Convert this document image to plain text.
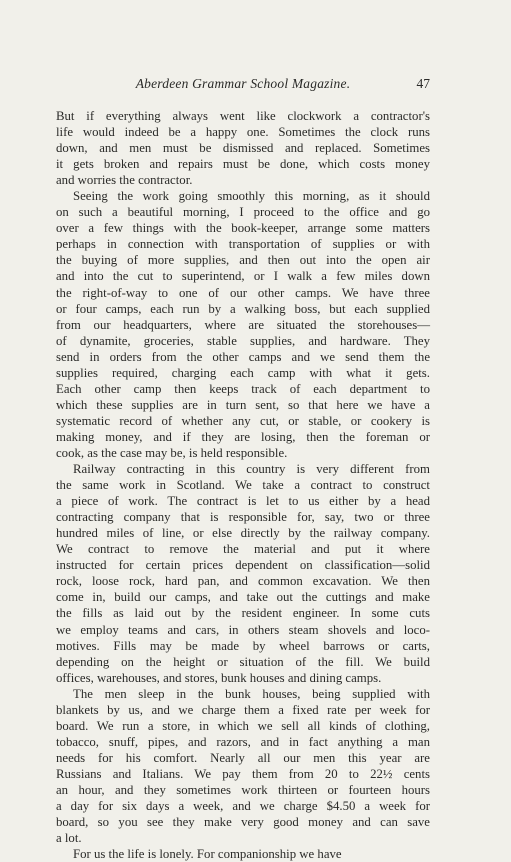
Aberdeen Grammar School Magazine.	47
But if everything always went like clockwork a contractor's
life would indeed be a happy one. Sometimes the clock runs
down, and men must be dismissed and replaced. Sometimes
it gets broken and repairs must be done, which costs money
and worries the contractor.
Seeing the work going smoothly this morning, as it should
on such a beautiful morning, I proceed to the office and go
over a few things with the book-keeper, arrange some matters
perhaps in connection with transportation of supplies or with
the buying of more supplies, and then out into the open air
and into the cut to superintend, or I walk a few miles down
the right-of-way to one of our other camps. We have three
or four camps, each run by a walking boss, but each supplied
from our headquarters, where are situated the storehouses—
of dynamite, groceries, stable supplies, and hardware. They
send in orders from the other camps and we send them the
supplies required, charging each camp with what it gets.
Each other camp then keeps track of each department to
which these supplies are in turn sent, so that here we have a
systematic record of whether any cut, or stable, or cookery is
making money, and if they are losing, then the foreman or
cook, as the case may be, is held responsible.
Railway contracting in this country is very different from
the same work in Scotland. We take a contract to construct
a piece of work. The contract is let to us either by a head
contracting company that is responsible for, say, two or three
hundred miles of line, or else directly by the railway company.
We contract to remove the material and put it where
instructed for certain prices dependent on classification—solid
rock, loose rock, hard pan, and common excavation. We then
come in, build our camps, and take out the cuttings and make
the fills as laid out by the resident engineer. In some cuts
we employ teams and cars, in others steam shovels and loco-
motives. Fills may be made by wheel barrows or carts,
depending on the height or situation of the fill. We build
offices, warehouses, and stores, bunk houses and dining camps.
The men sleep in the bunk houses, being supplied with
blankets by us, and we charge them a fixed rate per week for
board. We run a store, in which we sell all kinds of clothing,
tobacco, snuff, pipes, and razors, and in fact anything a man
needs for his comfort. Nearly all our men this year are
Russians and Italians. We pay them from 20 to 22½ cents
an hour, and they sometimes work thirteen or fourteen hours
a day for six days a week, and we charge $4.50 a week for
board, so you see they make very good money and can save
a lot.
For us the life is lonely. For companionship we have
